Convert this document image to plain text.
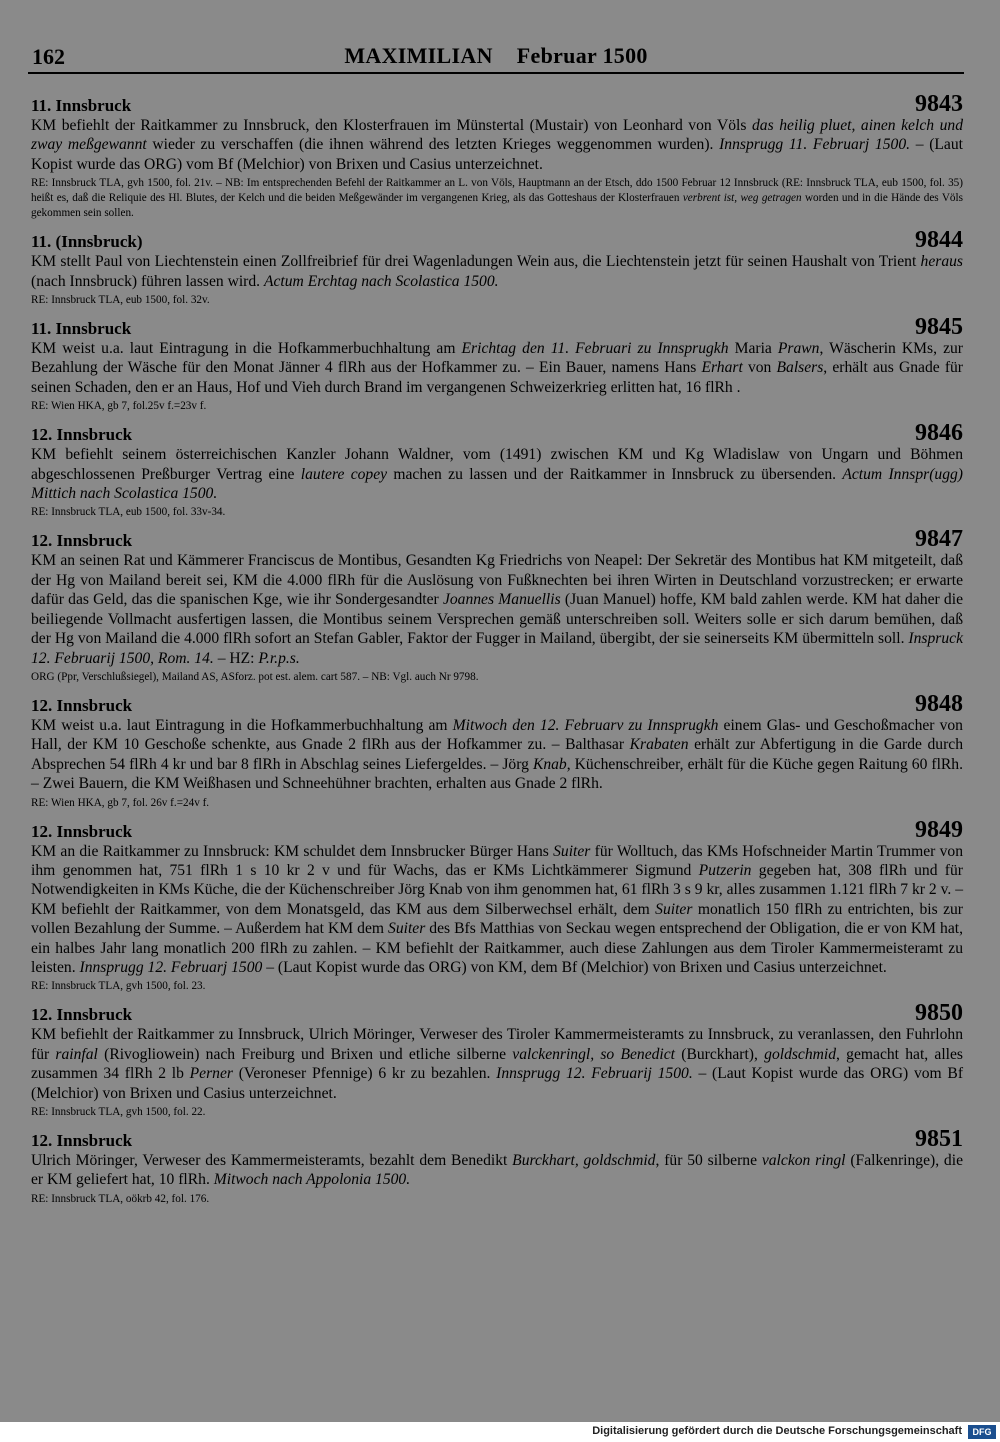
162	MAXIMILIAN Februar 1500
11. Innsbruck	9843
KM befiehlt der Raitkammer zu Innsbruck, den Klosterfrauen im Münstertal (Mustair) von Leonhard von Völs das heilig pluet, ainen kelch und zway meßgewannt wieder zu verschaffen (die ihnen während des letzten Krieges weggenommen wurden). Innsprugg 11. Februarj 1500. – (Laut Kopist wurde das ORG) vom Bf (Melchior) von Brixen und Casius unterzeichnet.
RE: Innsbruck TLA, gvh 1500, fol. 21v. – NB: Im entsprechenden Befehl der Raitkammer an L. von Völs, Hauptmann an der Etsch, ddo 1500 Februar 12 Innsbruck (RE: Innsbruck TLA, eub 1500, fol. 35) heißt es, daß die Reliquie des Hl. Blutes, der Kelch und die beiden Meßgewänder im vergangenen Krieg, als das Gotteshaus der Klosterfrauen verbrent ist, weg getragen worden und in die Hände des Völs gekommen sein sollen.
11. (Innsbruck)	9844
KM stellt Paul von Liechtenstein einen Zollfreibrief für drei Wagenladungen Wein aus, die Liechtenstein jetzt für seinen Haushalt von Trient heraus (nach Innsbruck) führen lassen wird. Actum Erchtag nach Scolastica 1500.
RE: Innsbruck TLA, eub 1500, fol. 32v.
11. Innsbruck	9845
KM weist u.a. laut Eintragung in die Hofkammerbuchhaltung am Erichtag den 11. Februari zu Innsprugkh Maria Prawn, Wäscherin KMs, zur Bezahlung der Wäsche für den Monat Jänner 4 flRh aus der Hofkammer zu. – Ein Bauer, namens Hans Erhart von Balsers, erhält aus Gnade für seinen Schaden, den er an Haus, Hof und Vieh durch Brand im vergangenen Schweizerkrieg erlitten hat, 16 flRh .
RE: Wien HKA, gb 7, fol.25v f.=23v f.
12. Innsbruck	9846
KM befiehlt seinem österreichischen Kanzler Johann Waldner, vom (1491) zwischen KM und Kg Wladislaw von Ungarn und Böhmen abgeschlossenen Preßburger Vertrag eine lautere copey machen zu lassen und der Raitkammer in Innsbruck zu übersenden. Actum Innspr(ugg) Mittich nach Scolastica 1500.
RE: Innsbruck TLA, eub 1500, fol. 33v-34.
12. Innsbruck	9847
KM an seinen Rat und Kämmerer Franciscus de Montibus, Gesandten Kg Friedrichs von Neapel: Der Sekretär des Montibus hat KM mitgeteilt, daß der Hg von Mailand bereit sei, KM die 4.000 flRh für die Auslösung von Fußknechten bei ihren Wirten in Deutschland vorzustrecken; er erwarte dafür das Geld, das die spanischen Kge, wie ihr Sondergesandter Joannes Manuellis (Juan Manuel) hoffe, KM bald zahlen werde. KM hat daher die beiliegende Vollmacht ausfertigen lassen, die Montibus seinem Versprechen gemäß unterschreiben soll. Weiters solle er sich darum bemühen, daß der Hg von Mailand die 4.000 flRh sofort an Stefan Gabler, Faktor der Fugger in Mailand, übergibt, der sie seinerseits KM übermitteln soll. Inspruck 12. Februarij 1500, Rom. 14. – HZ: P.r.p.s.
ORG (Ppr, Verschlußsiegel), Mailand AS, ASforz. pot est. alem. cart 587. – NB: Vgl. auch Nr 9798.
12. Innsbruck	9848
KM weist u.a. laut Eintragung in die Hofkammerbuchhaltung am Mitwoch den 12. Februarv zu Innsprugkh einem Glas- und Geschoßmacher von Hall, der KM 10 Geschoße schenkte, aus Gnade 2 flRh aus der Hofkammer zu. – Balthasar Krabaten erhält zur Abfertigung in die Garde durch Absprechen 54 flRh 4 kr und bar 8 flRh in Abschlag seines Liefergeldes. – Jörg Knab, Küchenschreiber, erhält für die Küche gegen Raitung 60 flRh. – Zwei Bauern, die KM Weißhasen und Schneehühner brachten, erhalten aus Gnade 2 flRh.
RE: Wien HKA, gb 7, fol. 26v f.=24v f.
12. Innsbruck	9849
KM an die Raitkammer zu Innsbruck: KM schuldet dem Innsbrucker Bürger Hans Suiter für Wolltuch, das KMs Hofschneider Martin Trummer von ihm genommen hat, 751 flRh 1 s 10 kr 2 v und für Wachs, das er KMs Lichtkämmerer Sigmund Putzerin gegeben hat, 308 flRh und für Notwendigkeiten in KMs Küche, die der Küchenschreiber Jörg Knab von ihm genommen hat, 61 flRh 3 s 9 kr, alles zusammen 1.121 flRh 7 kr 2 v. – KM befiehlt der Raitkammer, von dem Monatsgeld, das KM aus dem Silberwechsel erhält, dem Suiter monatlich 150 flRh zu entrichten, bis zur vollen Bezahlung der Summe. – Außerdem hat KM dem Suiter des Bfs Matthias von Seckau wegen entsprechend der Obligation, die er von KM hat, ein halbes Jahr lang monatlich 200 flRh zu zahlen. – KM befiehlt der Raitkammer, auch diese Zahlungen aus dem Tiroler Kammermeisteramt zu leisten. Innsprugg 12. Februarj 1500 – (Laut Kopist wurde das ORG) von KM, dem Bf (Melchior) von Brixen und Casius unterzeichnet.
RE: Innsbruck TLA, gvh 1500, fol. 23.
12. Innsbruck	9850
KM befiehlt der Raitkammer zu Innsbruck, Ulrich Möringer, Verweser des Tiroler Kammermeisteramts zu Innsbruck, zu veranlassen, den Fuhrlohn für rainfal (Rivogliowein) nach Freiburg und Brixen und etliche silberne valckenringl, so Benedict (Burckhart), goldschmid, gemacht hat, alles zusammen 34 flRh 2 lb Perner (Veroneser Pfennige) 6 kr zu bezahlen. Innsprugg 12. Februarij 1500. – (Laut Kopist wurde das ORG) vom Bf (Melchior) von Brixen und Casius unterzeichnet.
RE: Innsbruck TLA, gvh 1500, fol. 22.
12. Innsbruck	9851
Ulrich Möringer, Verweser des Kammermeisteramts, bezahlt dem Benedikt Burckhart, goldschmid, für 50 silberne valckon ringl (Falkenringe), die er KM geliefert hat, 10 flRh. Mitwoch nach Appolonia 1500.
RE: Innsbruck TLA, oökrb 42, fol. 176.
Digitalisierung gefördert durch die Deutsche Forschungsgemeinschaft	DFG
